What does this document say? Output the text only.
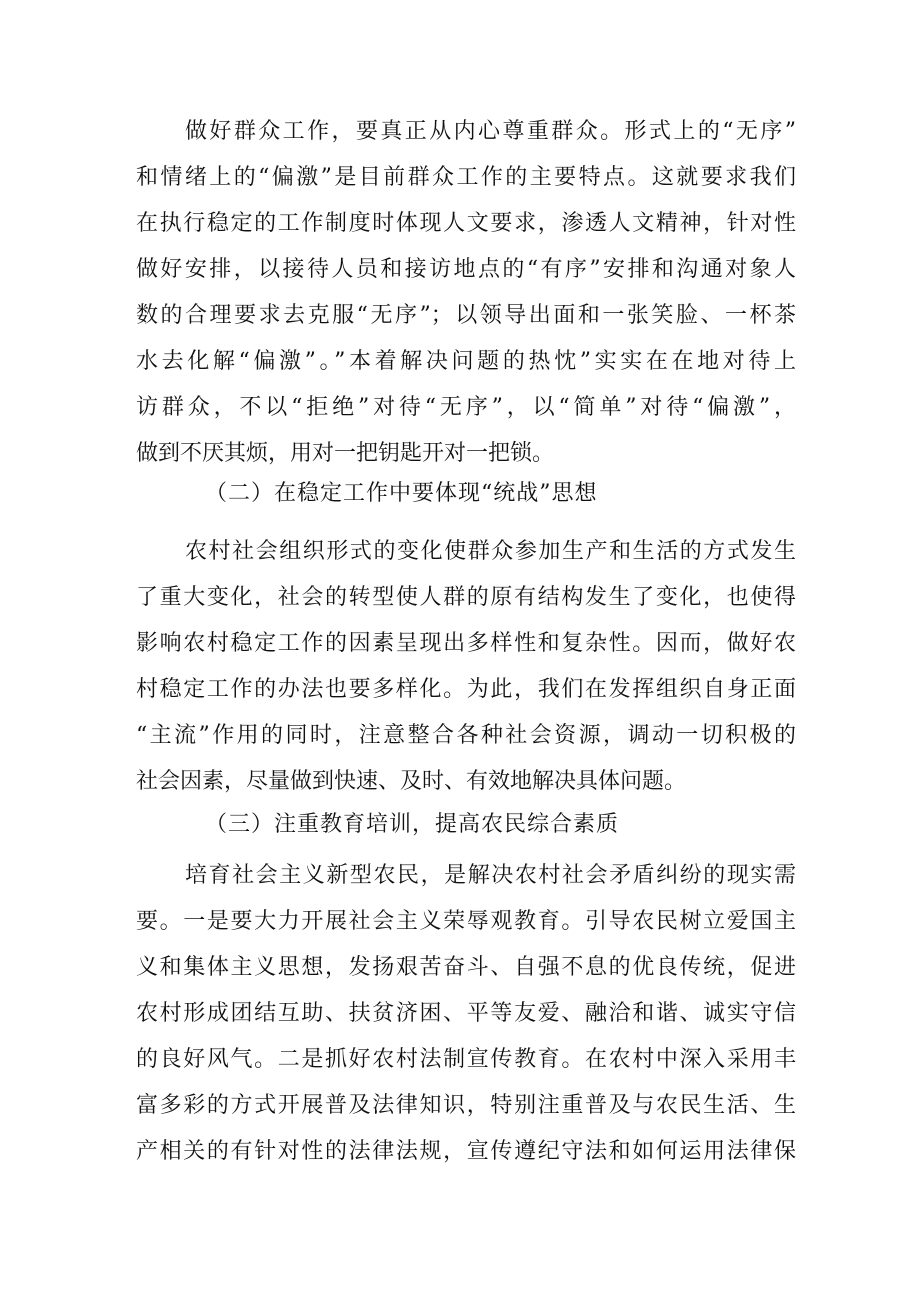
做好群众工作，要真正从内心尊重群众。形式上的“无序”
和情绪上的“偏激”是目前群众工作的主要特点。这就要求我们
在执行稳定的工作制度时体现人文要求，渗透人文精神，针对性
做好安排，以接待人员和接访地点的“有序”安排和沟通对象人
数的合理要求去克服“无序”；以领导出面和一张笑脸、一杯茶
水去化解“偏激”。”本着解决问题的热忱”实实在在地对待上
访群众，不以“拒绝”对待“无序”，以“简单”对待“偏激”，
做到不厌其烦，用对一把钥匙开对一把锁。
（二）在稳定工作中要体现“统战”思想
农村社会组织形式的变化使群众参加生产和生活的方式发生
了重大变化，社会的转型使人群的原有结构发生了变化，也使得
影响农村稳定工作的因素呈现出多样性和复杂性。因而，做好农
村稳定工作的办法也要多样化。为此，我们在发挥组织自身正面
“主流”作用的同时，注意整合各种社会资源，调动一切积极的
社会因素，尽量做到快速、及时、有效地解决具体问题。
（三）注重教育培训，提高农民综合素质
培育社会主义新型农民，是解决农村社会矛盾纠纷的现实需
要。一是要大力开展社会主义荣辱观教育。引导农民树立爱国主
义和集体主义思想，发扬艰苦奋斗、自强不息的优良传统，促进
农村形成团结互助、扶贫济困、平等友爱、融洽和谐、诚实守信
的良好风气。二是抓好农村法制宣传教育。在农村中深入采用丰
富多彩的方式开展普及法律知识，特别注重普及与农民生活、生
产相关的有针对性的法律法规，宣传遵纪守法和如何运用法律保
